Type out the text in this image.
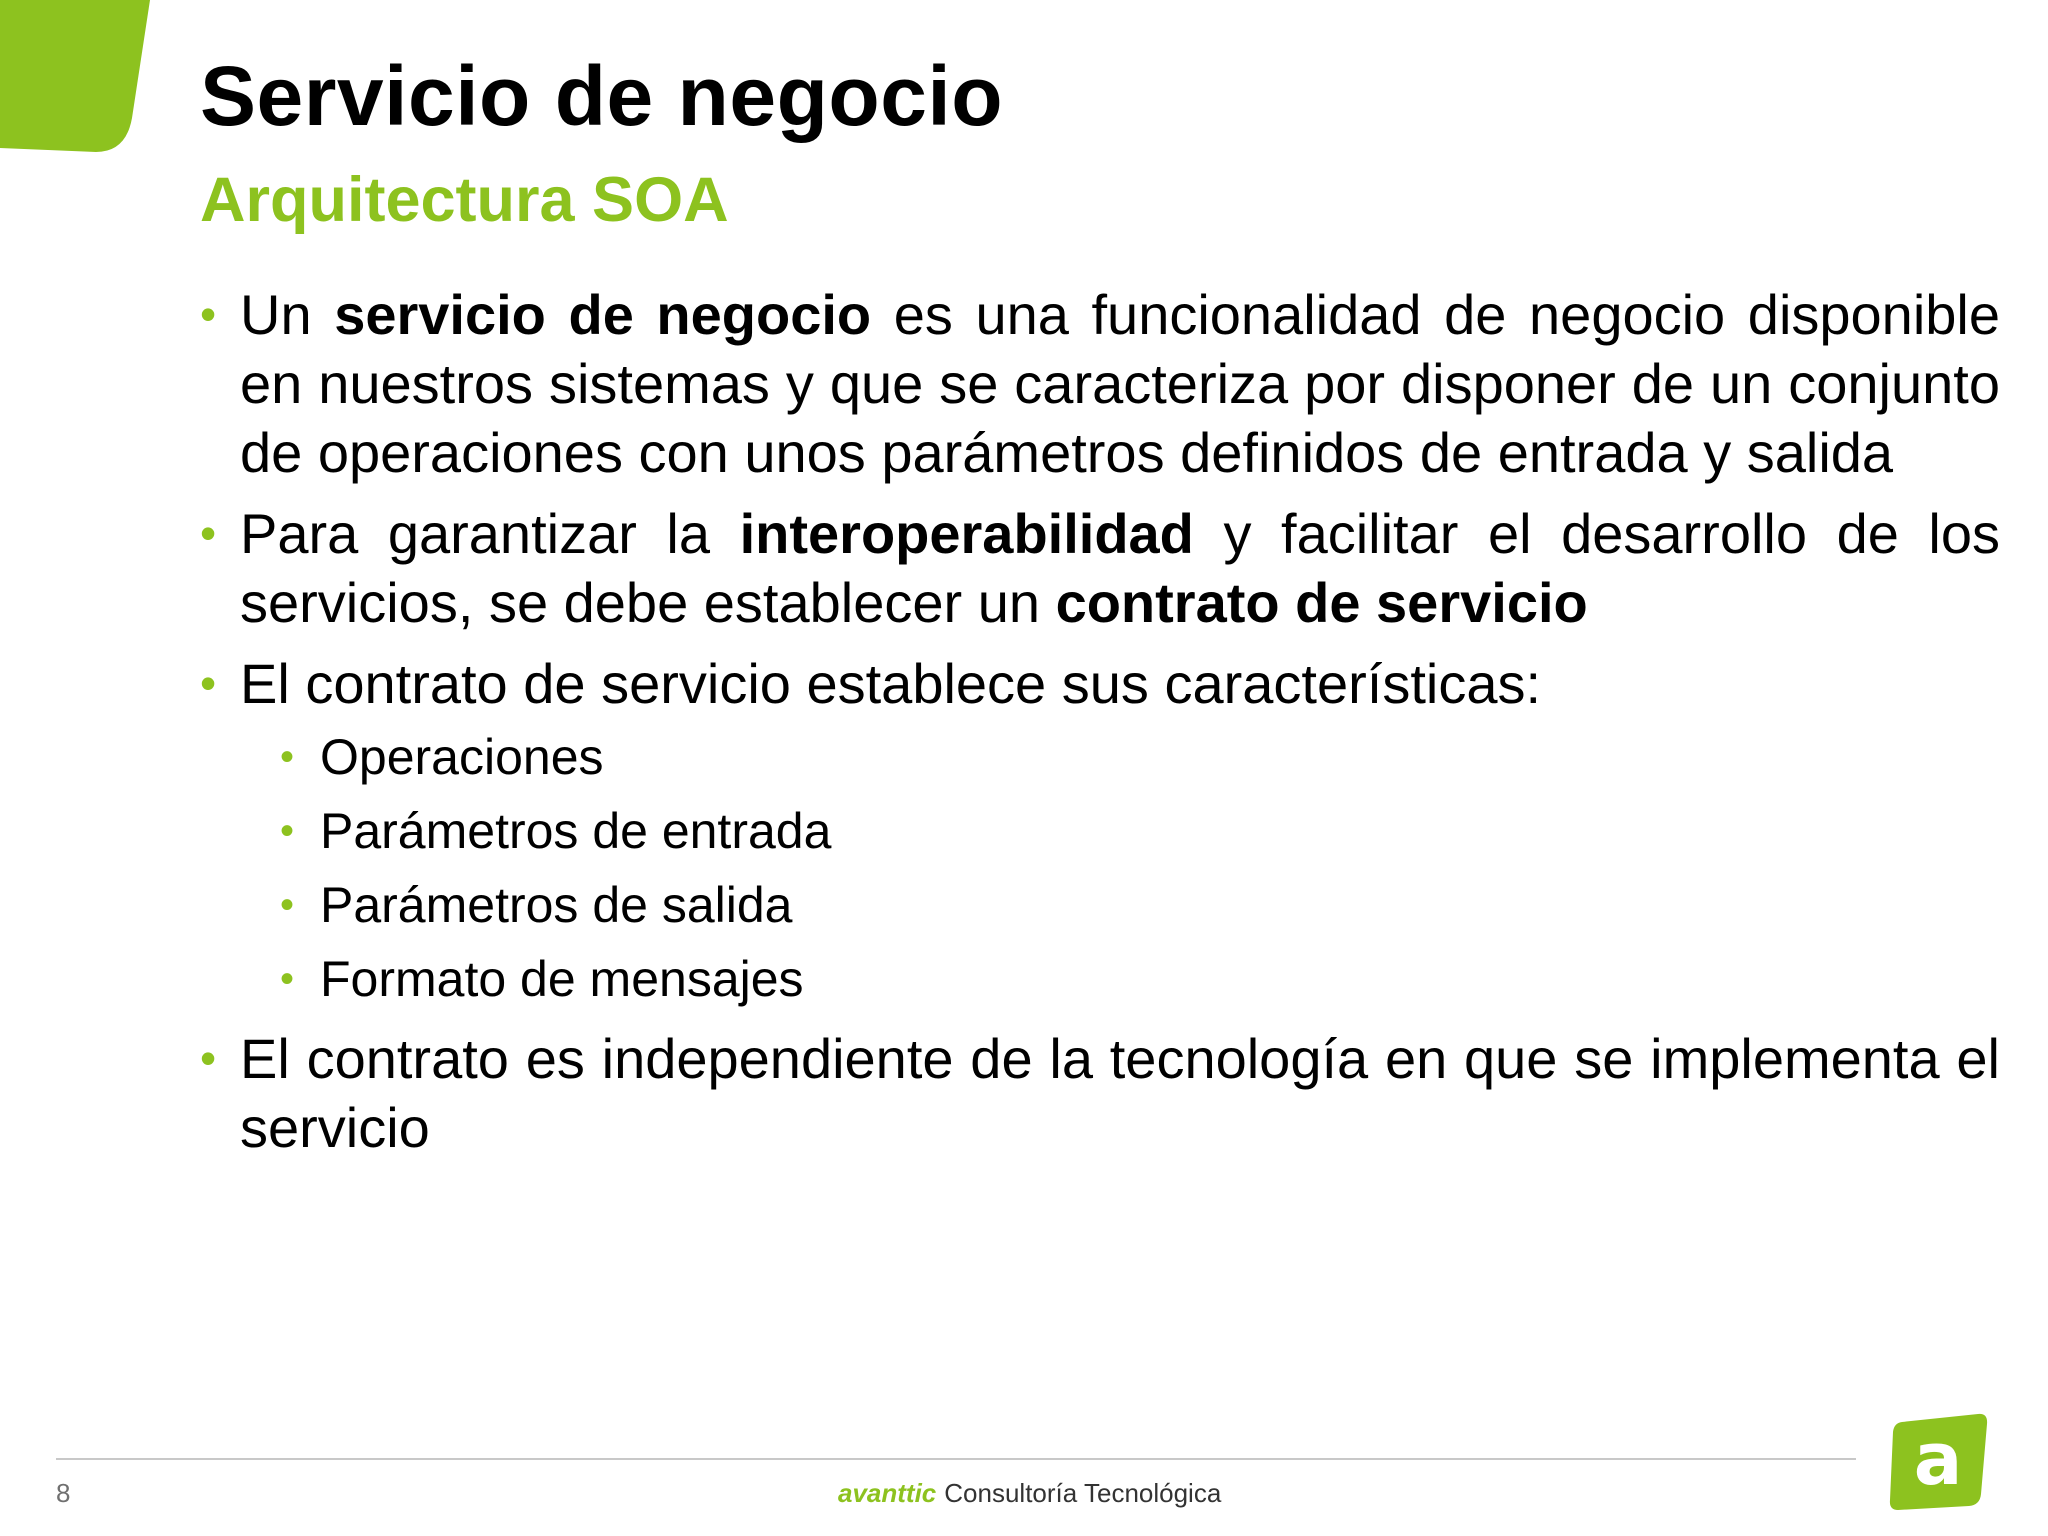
Servicio de negocio
Arquitectura SOA
• Un servicio de negocio es una funcionalidad de negocio disponible en nuestros sistemas y que se caracteriza por disponer de un conjunto de operaciones con unos parámetros definidos de entrada y salida
• Para garantizar la interoperabilidad y facilitar el desarrollo de los servicios, se debe establecer un contrato de servicio
• El contrato de servicio establece sus características:
• Operaciones
• Parámetros de entrada
• Parámetros de salida
• Formato de mensajes
• El contrato es independiente de la tecnología en que se implementa el servicio
8	avanttic Consultoría Tecnológica	a
